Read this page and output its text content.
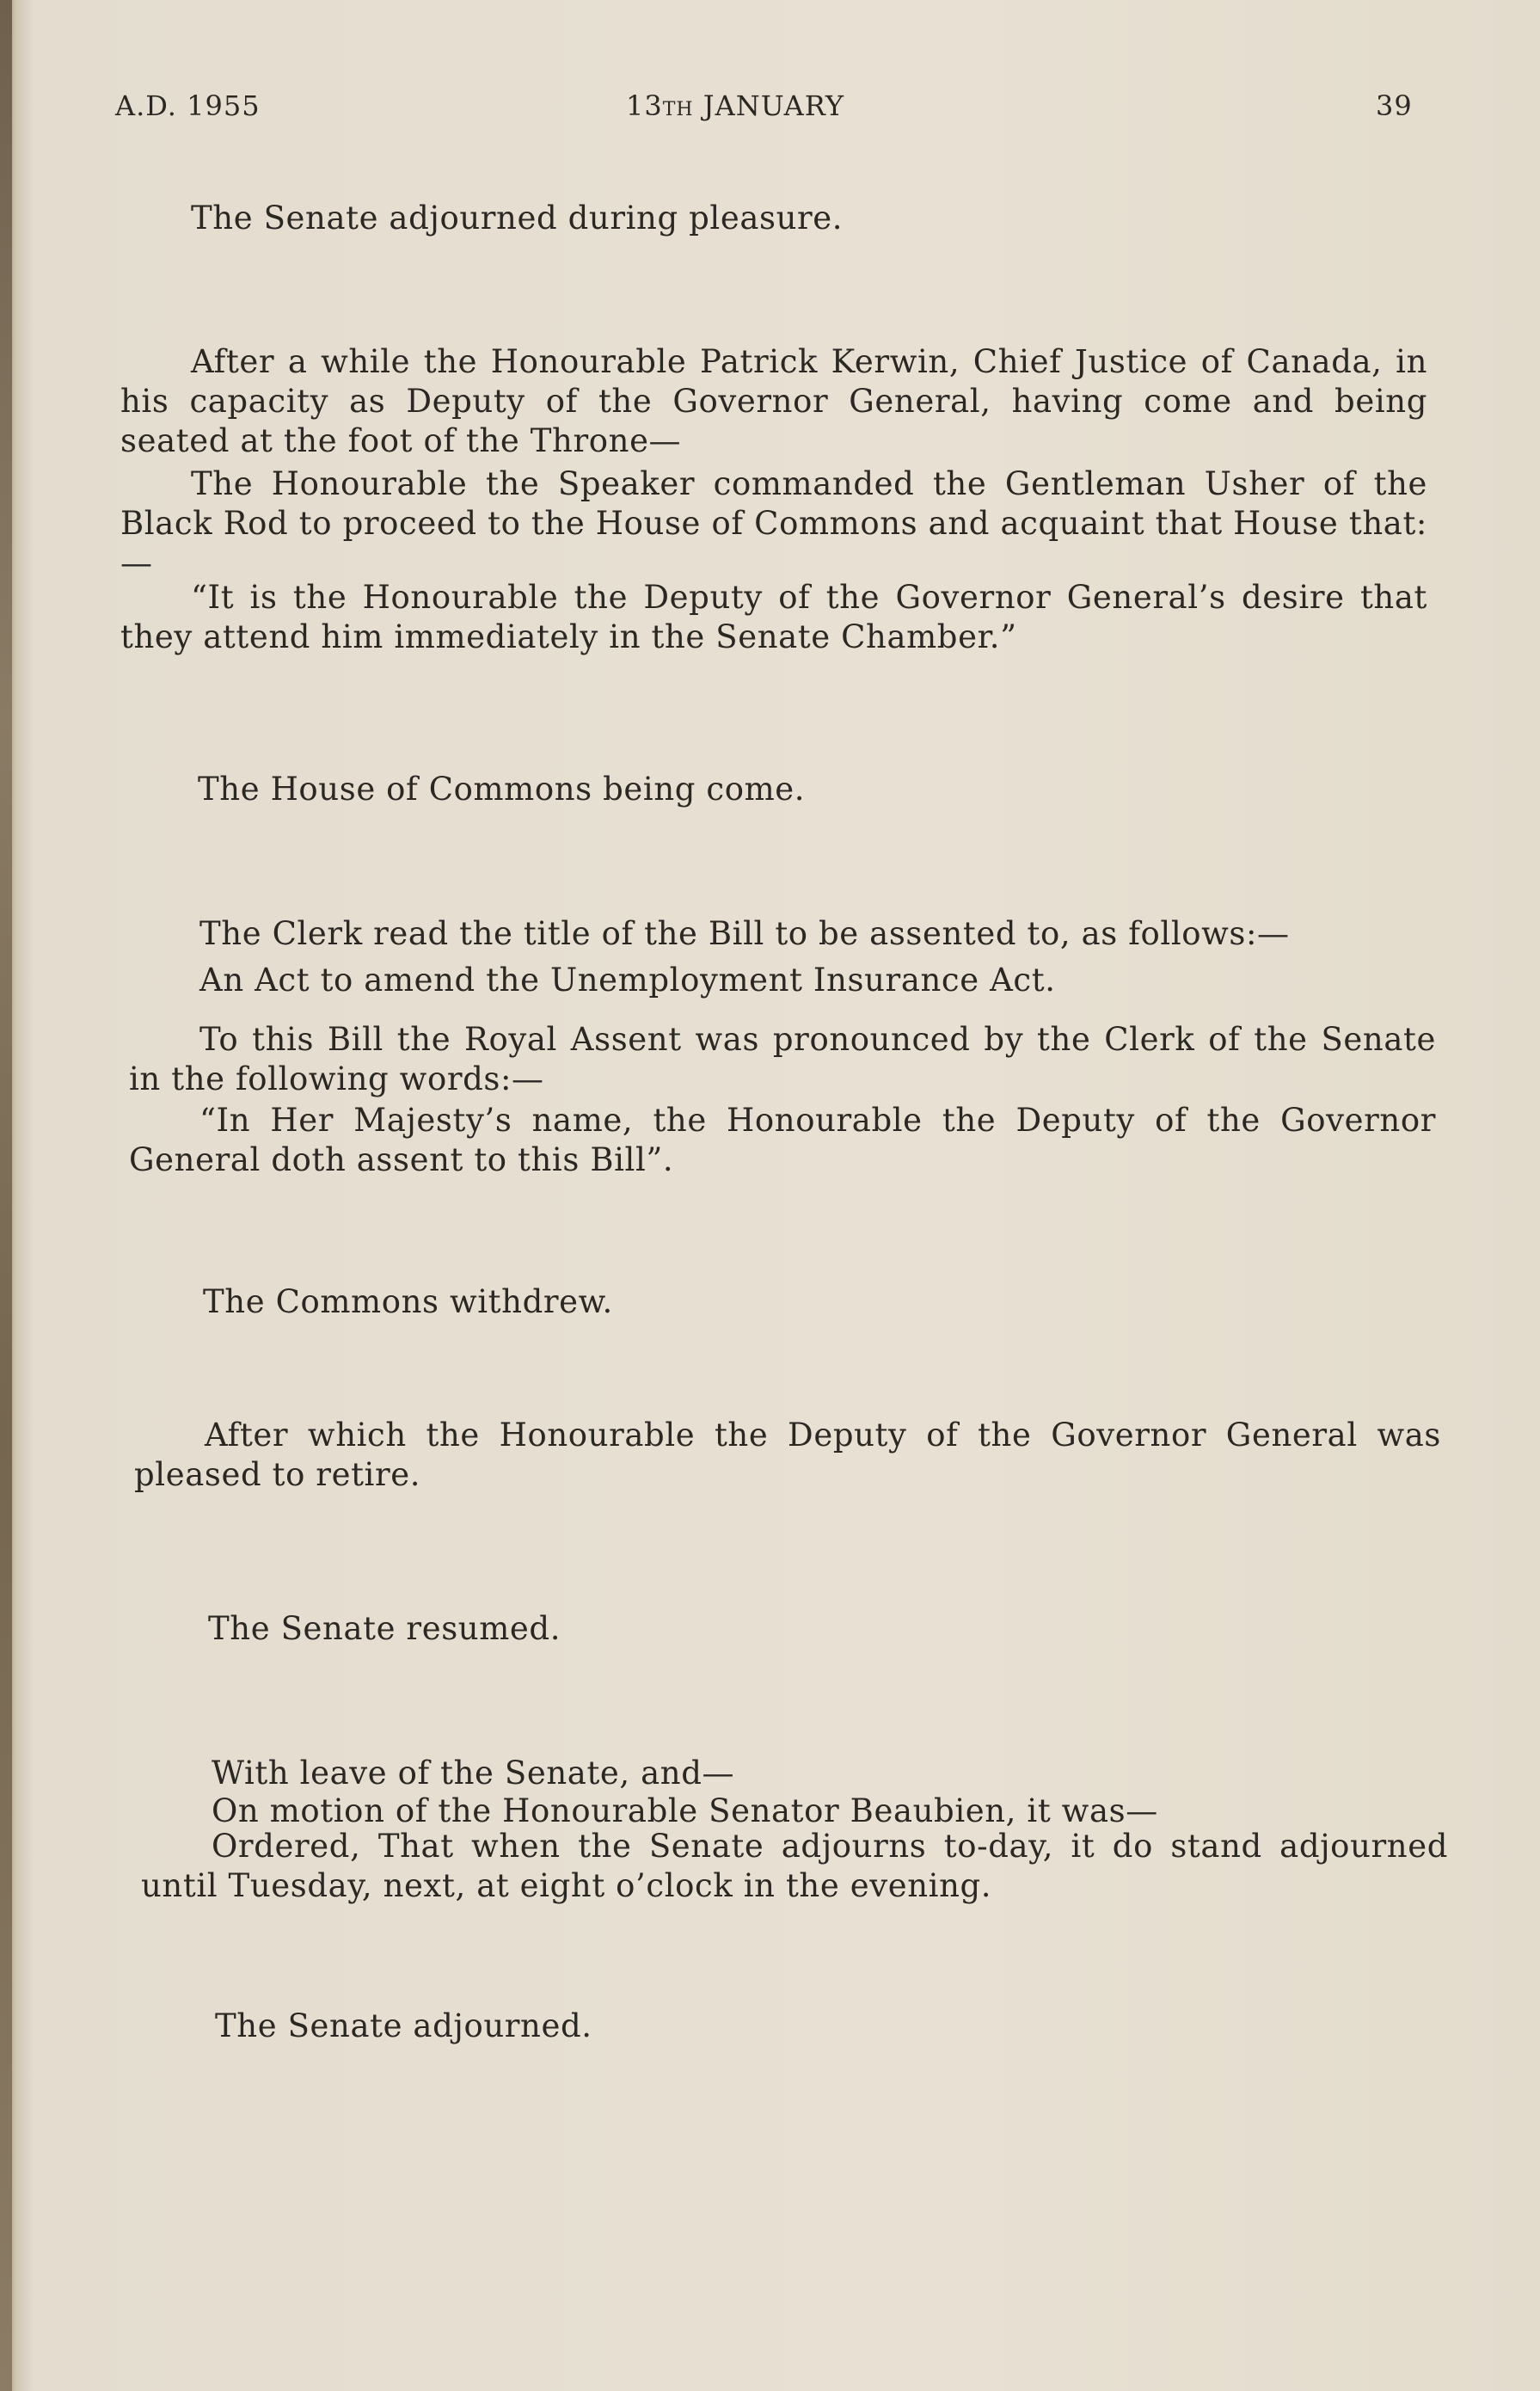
A.D. 1955	13th JANUARY	39
The Senate adjourned during pleasure.
After a while the Honourable Patrick Kerwin, Chief Justice of Canada, in his capacity as Deputy of the Governor General, having come and being seated at the foot of the Throne—
The Honourable the Speaker commanded the Gentleman Usher of the Black Rod to proceed to the House of Commons and acquaint that House that:—
“It is the Honourable the Deputy of the Governor General’s desire that they attend him immediately in the Senate Chamber.”
The House of Commons being come.
The Clerk read the title of the Bill to be assented to, as follows:—
An Act to amend the Unemployment Insurance Act.
To this Bill the Royal Assent was pronounced by the Clerk of the Senate in the following words:—
“In Her Majesty’s name, the Honourable the Deputy of the Governor General doth assent to this Bill”.
The Commons withdrew.
After which the Honourable the Deputy of the Governor General was pleased to retire.
The Senate resumed.
With leave of the Senate, and—
On motion of the Honourable Senator Beaubien, it was—
Ordered, That when the Senate adjourns to-day, it do stand adjourned until Tuesday, next, at eight o’clock in the evening.
The Senate adjourned.
